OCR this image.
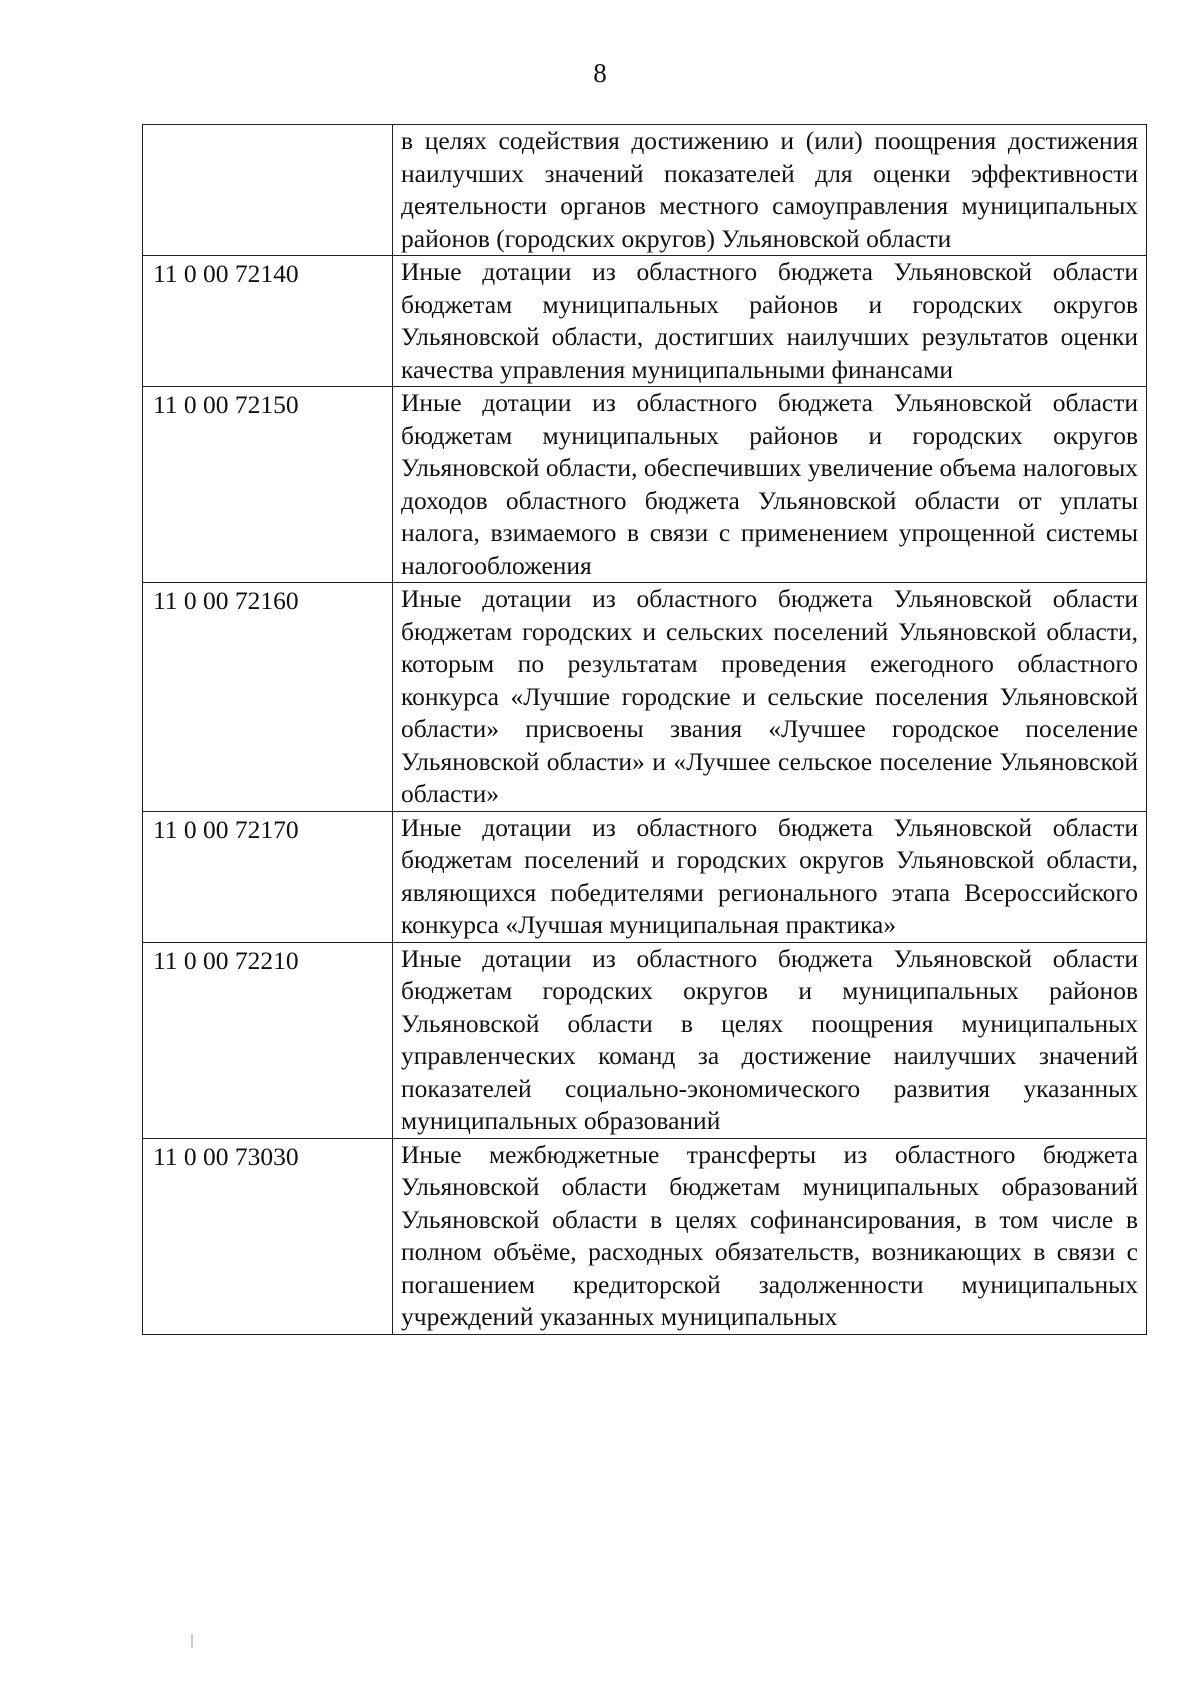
8
	в целях содействия достижению и (или) поощрения достижения наилучших значений показателей для оценки эффективности деятельности органов местного самоуправления муниципальных районов (городских округов) Ульяновской области
11 0 00 72140	Иные дотации из областного бюджета Ульяновской области бюджетам муниципальных районов и городских округов Ульяновской области, достигших наилучших результатов оценки качества управления муниципальными финансами
11 0 00 72150	Иные дотации из областного бюджета Ульяновской области бюджетам муниципальных районов и городских округов Ульяновской области, обеспечивших увеличение объема налоговых доходов областного бюджета Ульяновской области от уплаты налога, взимаемого в связи с применением упрощенной системы налогообложения
11 0 00 72160	Иные дотации из областного бюджета Ульяновской области бюджетам городских и сельских поселений Ульяновской области, которым по результатам проведения ежегодного областного конкурса «Лучшие городские и сельские поселения Ульяновской области» присвоены звания «Лучшее городское поселение Ульяновской области» и «Лучшее сельское поселение Ульяновской области»
11 0 00 72170	Иные дотации из областного бюджета Ульяновской области бюджетам поселений и городских округов Ульяновской области, являющихся победителями регионального этапа Всероссийского конкурса «Лучшая муниципальная практика»
11 0 00 72210	Иные дотации из областного бюджета Ульяновской области бюджетам городских округов и муниципальных районов Ульяновской области в целях поощрения муниципальных управленческих команд за достижение наилучших значений показателей социально-экономического развития указанных муниципальных образований
11 0 00 73030	Иные межбюджетные трансферты из областного бюджета Ульяновской области бюджетам муниципальных образований Ульяновской области в целях софинансирования, в том числе в полном объёме, расходных обязательств, возникающих в связи с погашением кредиторской задолженности муниципальных учреждений указанных муниципальных
